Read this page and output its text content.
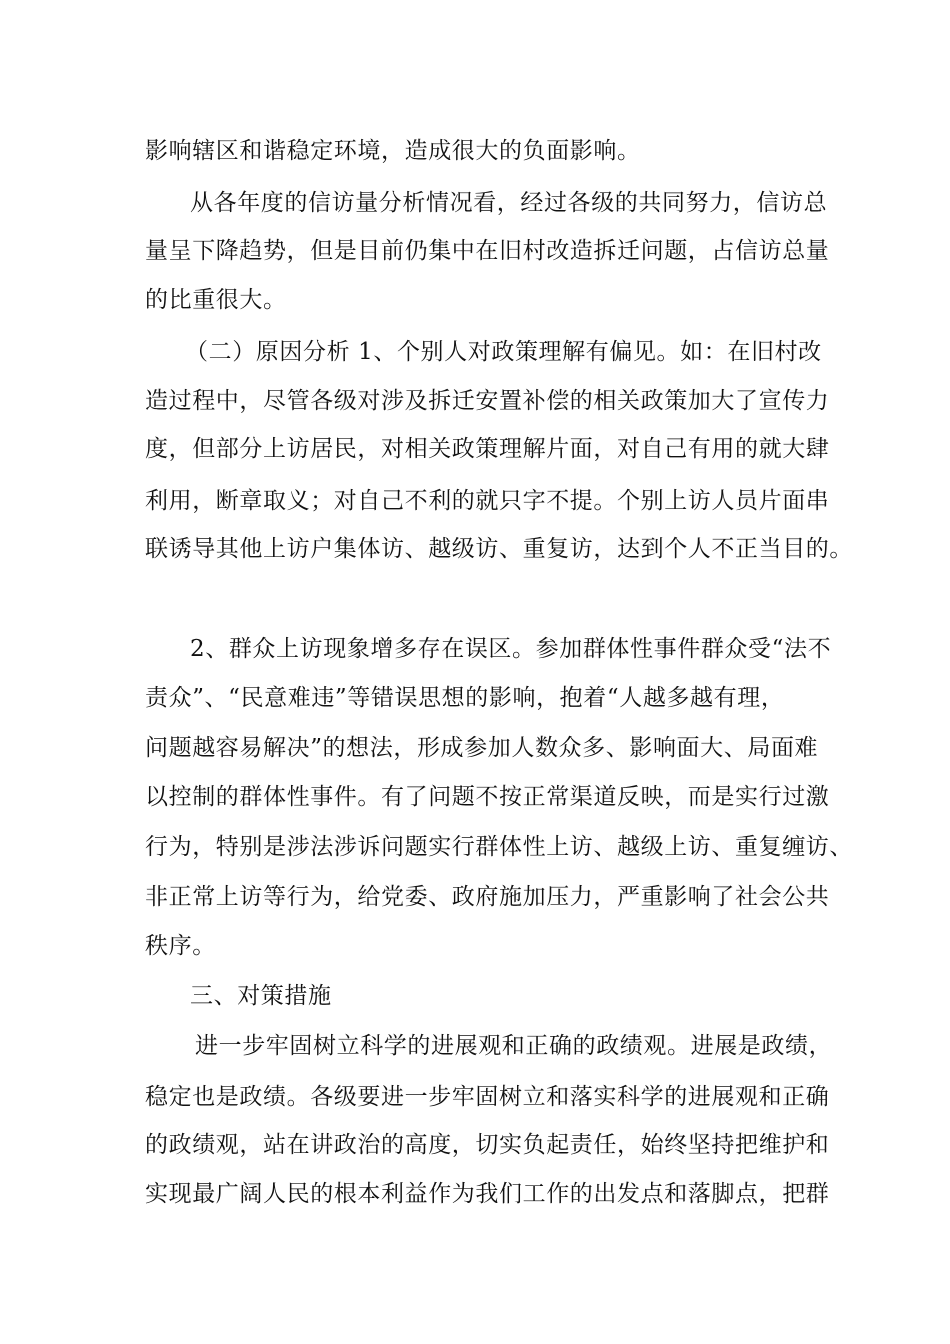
影响辖区和谐稳定环境，造成很大的负面影响。
从各年度的信访量分析情况看，经过各级的共同努力，信访总
量呈下降趋势，但是目前仍集中在旧村改造拆迁问题，占信访总量
的比重很大。
（二）原因分析 1、个别人对政策理解有偏见。如：在旧村改
造过程中，尽管各级对涉及拆迁安置补偿的相关政策加大了宣传力
度，但部分上访居民，对相关政策理解片面，对自己有用的就大肆
利用，断章取义；对自己不利的就只字不提。个别上访人员片面串
联诱导其他上访户集体访、越级访、重复访，达到个人不正当目的。
2、群众上访现象增多存在误区。参加群体性事件群众受“法不
责众”、“民意难违”等错误思想的影响，抱着“人越多越有理，
问题越容易解决”的想法，形成参加人数众多、影响面大、局面难
以控制的群体性事件。有了问题不按正常渠道反映，而是实行过激
行为，特别是涉法涉诉问题实行群体性上访、越级上访、重复缠访、
非正常上访等行为，给党委、政府施加压力，严重影响了社会公共
秩序。
三、对策措施
进一步牢固树立科学的进展观和正确的政绩观。进展是政绩，
稳定也是政绩。各级要进一步牢固树立和落实科学的进展观和正确
的政绩观，站在讲政治的高度，切实负起责任，始终坚持把维护和
实现最广阔人民的根本利益作为我们工作的出发点和落脚点，把群
